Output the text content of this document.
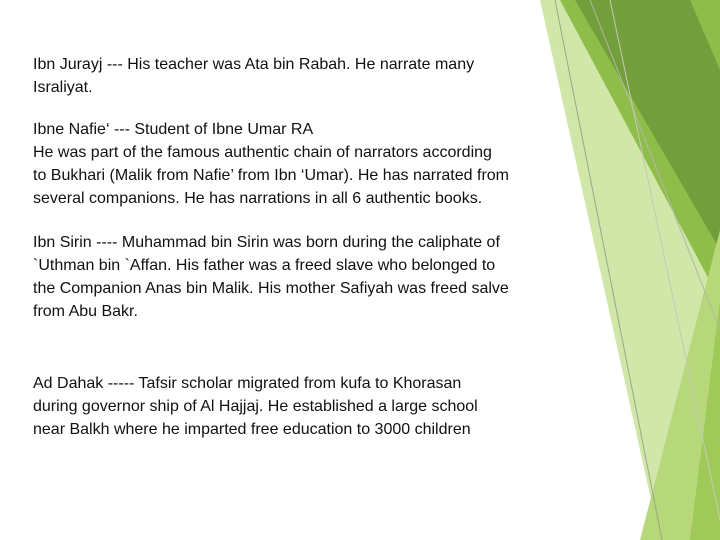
Ibn Jurayj --- His teacher was Ata bin Rabah. He narrate many
Israliyat.

Ibne Nafie‘ --- Student of Ibne Umar RA
He was part of the famous authentic chain of narrators according
to Bukhari (Malik from Nafie’ from Ibn ‘Umar). He has narrated from
several companions. He has narrations in all 6 authentic books.

Ibn Sirin ---- Muhammad bin Sirin was born during the caliphate of
`Uthman bin `Affan. His father was a freed slave who belonged to
the Companion Anas bin Malik. His mother Safiyah was freed salve
from Abu Bakr.

Ad Dahak ----- Tafsir scholar migrated from kufa to Khorasan
during governor ship of Al Hajjaj. He established a large school
near Balkh where he imparted free education to 3000 children
